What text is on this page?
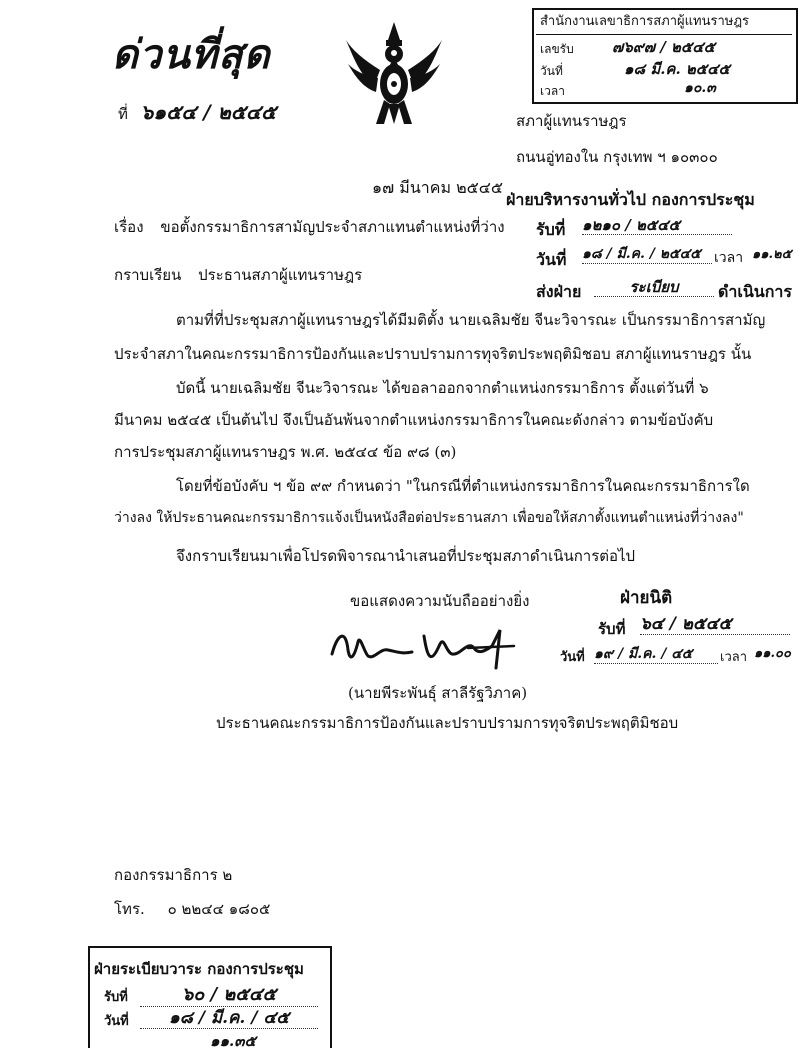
ด่วนที่สุด
ที่ ๖๑๕๔ / ๒๕๔๕
สำนักงานเลขาธิการสภาผู้แทนราษฎร
เลขรับ	๗๖๙๗ / ๒๕๔๕
วันที่	๑๘ มี.ค. ๒๕๔๕
เวลา	๑๐.๓
สภาผู้แทนราษฎร
ถนนอู่ทองใน กรุงเทพ ฯ ๑๐๓๐๐
๑๗ มีนาคม ๒๕๔๕
ฝ่ายบริหารงานทั่วไป กองการประชุม
รับที่ ๑๒๑๐ / ๒๕๔๕
วันที่ ๑๘ / มี.ค. / ๒๕๔๕ เวลา ๑๑.๒๕
ส่งฝ่าย	ระเบียบ	ดำเนินการ
เรื่อง ขอตั้งกรรมาธิการสามัญประจำสภาแทนตำแหน่งที่ว่าง
กราบเรียน ประธานสภาผู้แทนราษฎร
ตามที่ที่ประชุมสภาผู้แทนราษฎรได้มีมติตั้ง นายเฉลิมชัย จีนะวิจารณะ เป็นกรรมาธิการสามัญ
ประจำสภาในคณะกรรมาธิการป้องกันและปราบปรามการทุจริตประพฤติมิชอบ สภาผู้แทนราษฎร นั้น
บัดนี้ นายเฉลิมชัย จีนะวิจารณะ ได้ขอลาออกจากตำแหน่งกรรมาธิการ ตั้งแต่วันที่ ๖
มีนาคม ๒๕๔๕ เป็นต้นไป จึงเป็นอันพ้นจากตำแหน่งกรรมาธิการในคณะดังกล่าว ตามข้อบังคับ
การประชุมสภาผู้แทนราษฎร พ.ศ. ๒๕๔๔ ข้อ ๙๘ (๓)
โดยที่ข้อบังคับ ฯ ข้อ ๙๙ กำหนดว่า "ในกรณีที่ตำแหน่งกรรมาธิการในคณะกรรมาธิการใด
ว่างลง ให้ประธานคณะกรรมาธิการแจ้งเป็นหนังสือต่อประธานสภา เพื่อขอให้สภาตั้งแทนตำแหน่งที่ว่างลง"
จึงกราบเรียนมาเพื่อโปรดพิจารณานำเสนอที่ประชุมสภาดำเนินการต่อไป
ขอแสดงความนับถืออย่างยิ่ง	ฝ่ายนิติ
รับที่ ๖๔ / ๒๕๔๕
วันที่ ๑๙ / มี.ค. / ๔๕	เวลา ๑๑.๐๐
(นายพีระพันธุ์ สาลีรัฐวิภาค)
ประธานคณะกรรมาธิการป้องกันและปราบปรามการทุจริตประพฤติมิชอบ
กองกรรมาธิการ ๒
โทร. ๐ ๒๒๔๔ ๑๘๐๕
ฝ่ายระเบียบวาระ กองการประชุม
รับที่	๖๐ / ๒๕๔๕
วันที่	๑๘ / มี.ค. / ๔๕
๑๑.๓๕
